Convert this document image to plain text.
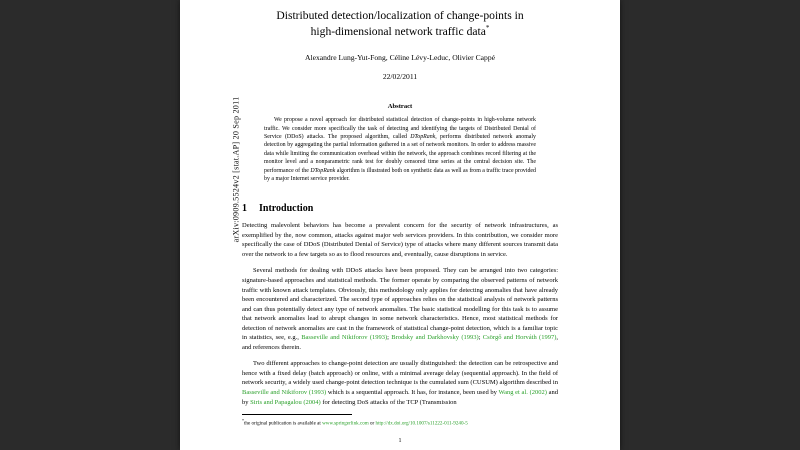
arXiv:0909.5524v2 [stat.AP] 20 Sep 2011
Distributed detection/localization of change-points in
high-dimensional network traffic data*
Alexandre Lung-Yut-Fong, Céline Lévy-Leduc, Olivier Cappé
22/02/2011
Abstract
We propose a novel approach for distributed statistical detection of change-points in high-volume network traffic. We consider more specifically the task of detecting and identifying the targets of Distributed Denial of Service (DDoS) attacks. The proposed algorithm, called DTopRank, performs distributed network anomaly detection by aggregating the partial information gathered in a set of network monitors. In order to address massive data while limiting the communication overhead within the network, the approach combines record filtering at the monitor level and a nonparametric rank test for doubly censored time series at the central decision site. The performance of the DTopRank algorithm is illustrated both on synthetic data as well as from a traffic trace provided by a major Internet service provider.
1 Introduction
Detecting malevolent behaviors has become a prevalent concern for the security of network infrastructures, as exemplified by the, now common, attacks against major web services providers. In this contribution, we consider more specifically the case of DDoS (Distributed Denial of Service) type of attacks where many different sources transmit data over the network to a few targets so as to flood resources and, eventually, cause disruptions in service.
Several methods for dealing with DDoS attacks have been proposed. They can be arranged into two categories: signature-based approaches and statistical methods. The former operate by comparing the observed patterns of network traffic with known attack templates. Obviously, this methodology only applies for detecting anomalies that have already been encountered and characterized. The second type of approaches relies on the statistical analysis of network patterns and can thus potentially detect any type of network anomalies. The basic statistical modelling for this task is to assume that network anomalies lead to abrupt changes in some network characteristics. Hence, most statistical methods for detection of network anomalies are cast in the framework of statistical change-point detection, which is a familiar topic in statistics, see, e.g., Basseville and Nikiforov (1993); Brodsky and Darkhovsky (1993); Csörgő and Horváth (1997), and references therein.
Two different approaches to change-point detection are usually distinguished: the detection can be retrospective and hence with a fixed delay (batch approach) or online, with a minimal average delay (sequential approach). In the field of network security, a widely used change-point detection technique is the cumulated sum (CUSUM) algorithm described in Basseville and Nikiforov (1993) which is a sequential approach. It has, for instance, been used by Wang et al. (2002) and by Siris and Papagalou (2004) for detecting DoS attacks of the TCP (Transmission
*the original publication is available at www.springerlink.com or http://dx.doi.org/10.1007/s11222-011-9240-5
1
